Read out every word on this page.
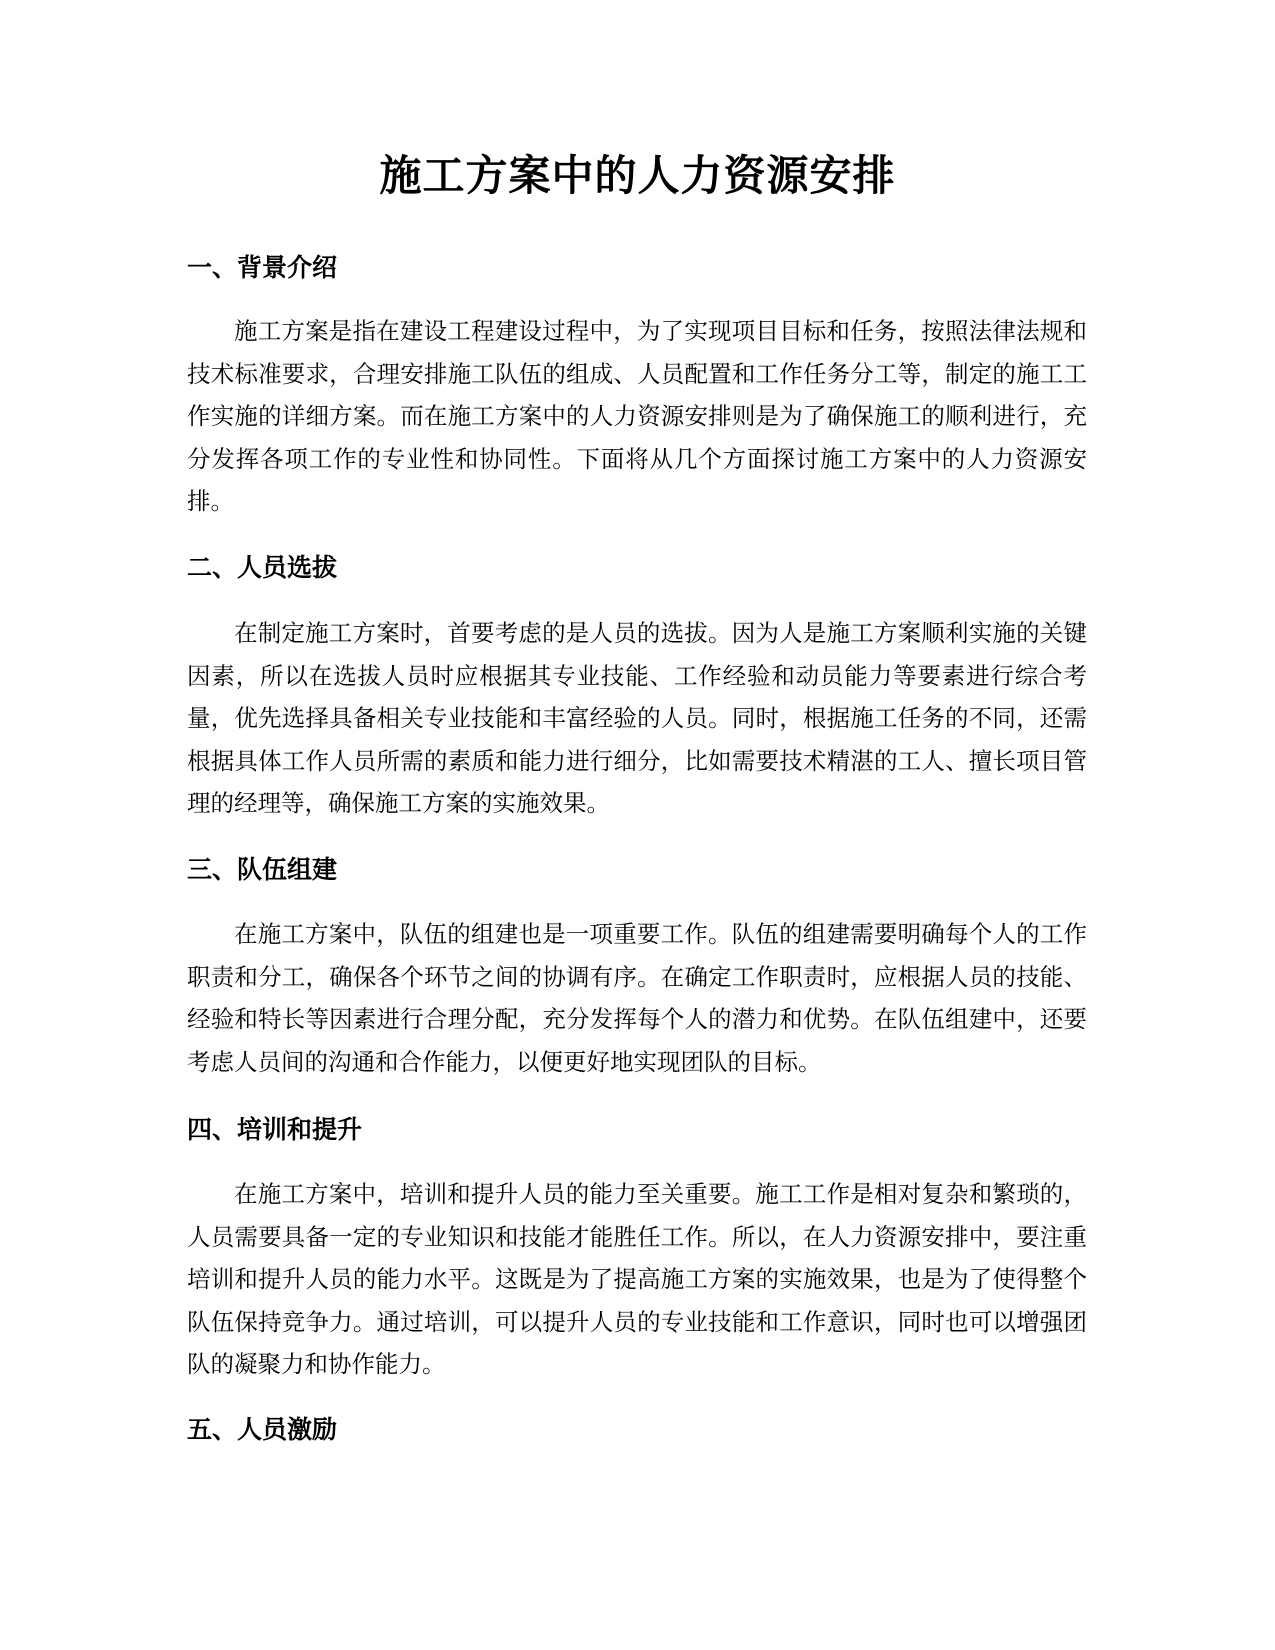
施工方案中的人力资源安排
一、背景介绍

施工方案是指在建设工程建设过程中，为了实现项目目标和任务，按照法律法规和技术标准要求，合理安排施工队伍的组成、人员配置和工作任务分工等，制定的施工工作实施的详细方案。而在施工方案中的人力资源安排则是为了确保施工的顺利进行，充分发挥各项工作的专业性和协同性。下面将从几个方面探讨施工方案中的人力资源安排。

二、人员选拔

在制定施工方案时，首要考虑的是人员的选拔。因为人是施工方案顺利实施的关键因素，所以在选拔人员时应根据其专业技能、工作经验和动员能力等要素进行综合考量，优先选择具备相关专业技能和丰富经验的人员。同时，根据施工任务的不同，还需根据具体工作人员所需的素质和能力进行细分，比如需要技术精湛的工人、擅长项目管理的经理等，确保施工方案的实施效果。

三、队伍组建

在施工方案中，队伍的组建也是一项重要工作。队伍的组建需要明确每个人的工作职责和分工，确保各个环节之间的协调有序。在确定工作职责时，应根据人员的技能、经验和特长等因素进行合理分配，充分发挥每个人的潜力和优势。在队伍组建中，还要考虑人员间的沟通和合作能力，以便更好地实现团队的目标。

四、培训和提升

在施工方案中，培训和提升人员的能力至关重要。施工工作是相对复杂和繁琐的，人员需要具备一定的专业知识和技能才能胜任工作。所以，在人力资源安排中，要注重培训和提升人员的能力水平。这既是为了提高施工方案的实施效果，也是为了使得整个队伍保持竞争力。通过培训，可以提升人员的专业技能和工作意识，同时也可以增强团队的凝聚力和协作能力。

五、人员激励
